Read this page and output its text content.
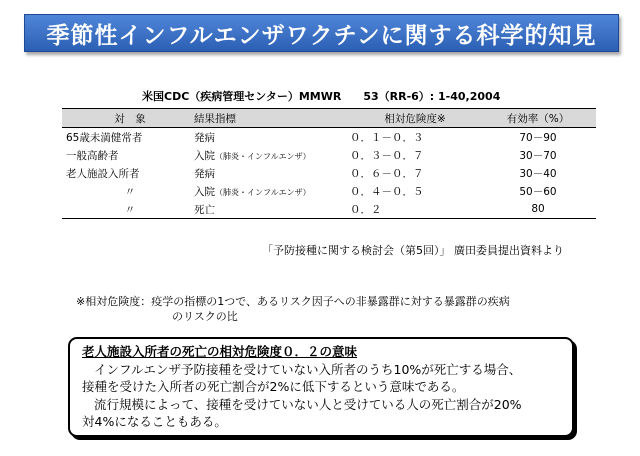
季節性インフルエンザワクチンに関する科学的知見
米国CDC（疾病管理センター）MMWR　　53（RR-6）: 1-40,2004
対　象	結果指標	相対危険度※	有効率（%）
65歳未満健常者	発病	０．１－０．３	70－90
一般高齢者	入院（肺炎・インフルエンザ）	０．３－０．７	30－70
老人施設入所者	発病	０．６－０．７	30－40
〃	入院（肺炎・インフルエンザ）	０．４－０．５	50－60
〃	死亡	０．２	80
「予防接種に関する検討会（第5回）」 廣田委員提出資料より
※相対危険度：疫学の指標の1つで、あるリスク因子への非暴露群に対する暴露群の疾病
のリスクの比
老人施設入所者の死亡の相対危険度０．２の意味
インフルエンザ予防接種を受けていない入所者のうち10%が死亡する場合、
接種を受けた入所者の死亡割合が2%に低下するという意味である。
流行規模によって、接種を受けていない人と受けている人の死亡割合が20%
対4%になることもある。
